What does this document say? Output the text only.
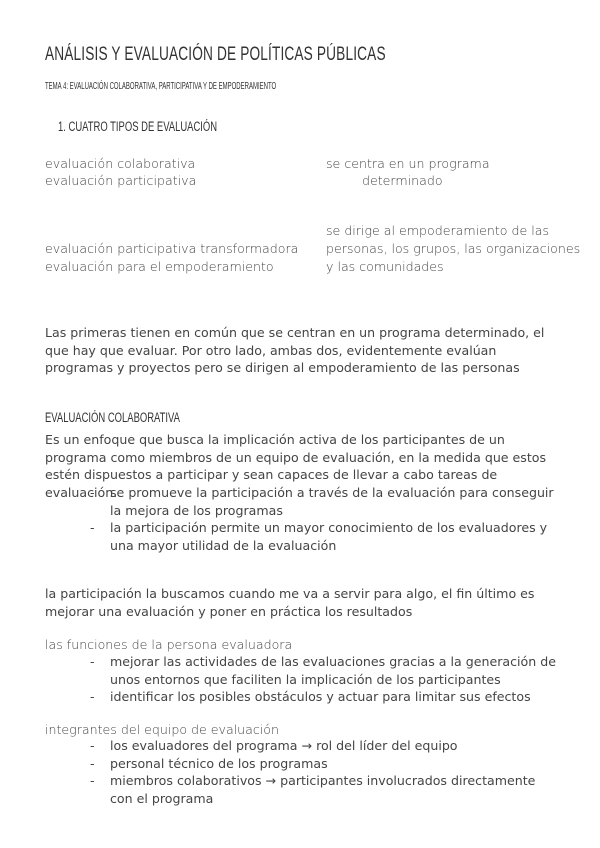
ANÁLISIS Y EVALUACIÓN DE POLÍTICAS PÚBLICAS
TEMA 4: EVALUACIÓN COLABORATIVA, PARTICIPATIVA Y DE EMPODERAMIENTO
1. CUATRO TIPOS DE EVALUACIÓN
evaluación colaborativa
evaluación participativa
se centra en un programa
determinado
se dirige al empoderamiento de las
personas, los grupos, las organizaciones
y las comunidades
evaluación participativa transformadora
evaluación para el empoderamiento
Las primeras tienen en común que se centran en un programa determinado, el que hay que evaluar. Por otro lado, ambas dos, evidentemente evalúan programas y proyectos pero se dirigen al empoderamiento de las personas
EVALUACIÓN COLABORATIVA
Es un enfoque que busca la implicación activa de los participantes de un programa como miembros de un equipo de evaluación, en la medida que estos estén dispuestos a participar y sean capaces de llevar a cabo tareas de evaluación.
- se promueve la participación a través de la evaluación para conseguir la mejora de los programas
- la participación permite un mayor conocimiento de los evaluadores y una mayor utilidad de la evaluación
la participación la buscamos cuando me va a servir para algo, el fin último es mejorar una evaluación y poner en práctica los resultados
las funciones de la persona evaluadora
- mejorar las actividades de las evaluaciones gracias a la generación de unos entornos que faciliten la implicación de los participantes
- identificar los posibles obstáculos y actuar para limitar sus efectos
integrantes del equipo de evaluación
- los evaluadores del programa → rol del líder del equipo
- personal técnico de los programas
- miembros colaborativos → participantes involucrados directamente con el programa
